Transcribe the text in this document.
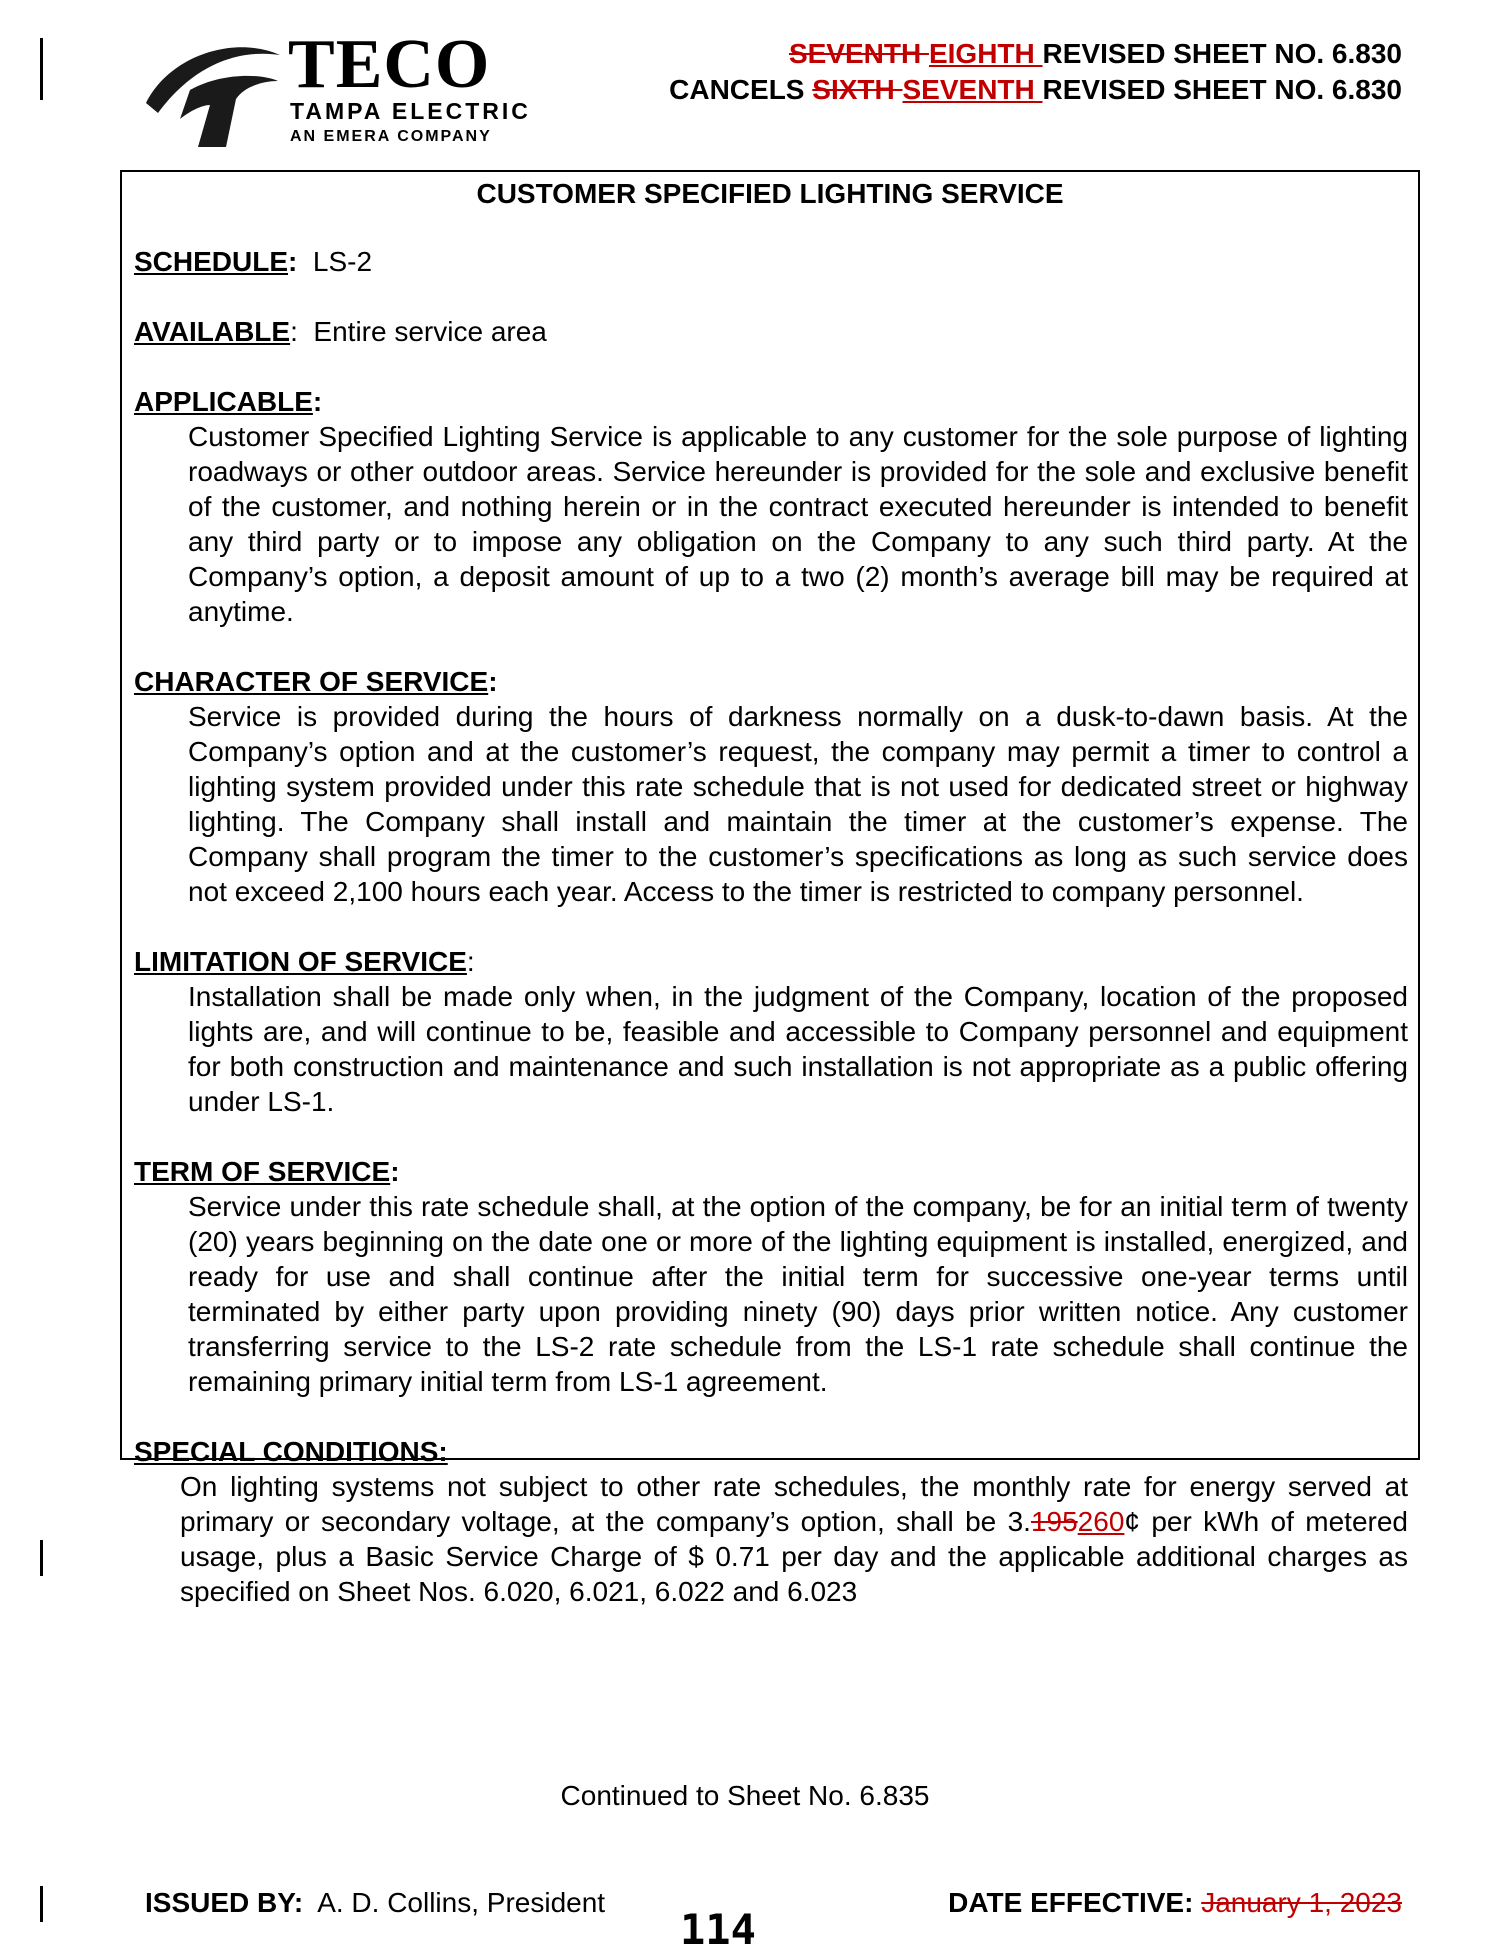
TECO
TAMPA ELECTRIC
AN EMERA COMPANY
SEVENTH EIGHTH REVISED SHEET NO. 6.830
CANCELS SIXTH SEVENTH REVISED SHEET NO. 6.830
CUSTOMER SPECIFIED LIGHTING SERVICE
SCHEDULE: LS-2
AVAILABLE:  Entire service area
APPLICABLE:
Customer Specified Lighting Service is applicable to any customer for the sole purpose of lighting roadways or other outdoor areas. Service hereunder is provided for the sole and exclusive benefit of the customer, and nothing herein or in the contract executed hereunder is intended to benefit any third party or to impose any obligation on the Company to any such third party. At the Company’s option, a deposit amount of up to a two (2) month’s average bill may be required at anytime.
CHARACTER OF SERVICE:
Service is provided during the hours of darkness normally on a dusk-to-dawn basis. At the Company’s option and at the customer’s request, the company may permit a timer to control a lighting system provided under this rate schedule that is not used for dedicated street or highway lighting. The Company shall install and maintain the timer at the customer’s expense. The Company shall program the timer to the customer’s specifications as long as such service does not exceed 2,100 hours each year. Access to the timer is restricted to company personnel.
LIMITATION OF SERVICE:
Installation shall be made only when, in the judgment of the Company, location of the proposed lights are, and will continue to be, feasible and accessible to Company personnel and equipment for both construction and maintenance and such installation is not appropriate as a public offering under LS-1.
TERM OF SERVICE:
Service under this rate schedule shall, at the option of the company, be for an initial term of twenty (20) years beginning on the date one or more of the lighting equipment is installed, energized, and ready for use and shall continue after the initial term for successive one-year terms until terminated by either party upon providing ninety (90) days prior written notice. Any customer transferring service to the LS-2 rate schedule from the LS-1 rate schedule shall continue the remaining primary initial term from LS-1 agreement.
SPECIAL CONDITIONS:
On lighting systems not subject to other rate schedules, the monthly rate for energy served at primary or secondary voltage, at the company’s option, shall be 3.195260¢ per kWh of metered usage, plus a Basic Service Charge of $ 0.71 per day and the applicable additional charges as specified on Sheet Nos. 6.020, 6.021, 6.022 and 6.023
Continued to Sheet No. 6.835
ISSUED BY: A. D. Collins, President
114
DATE EFFECTIVE: January 1, 2023
